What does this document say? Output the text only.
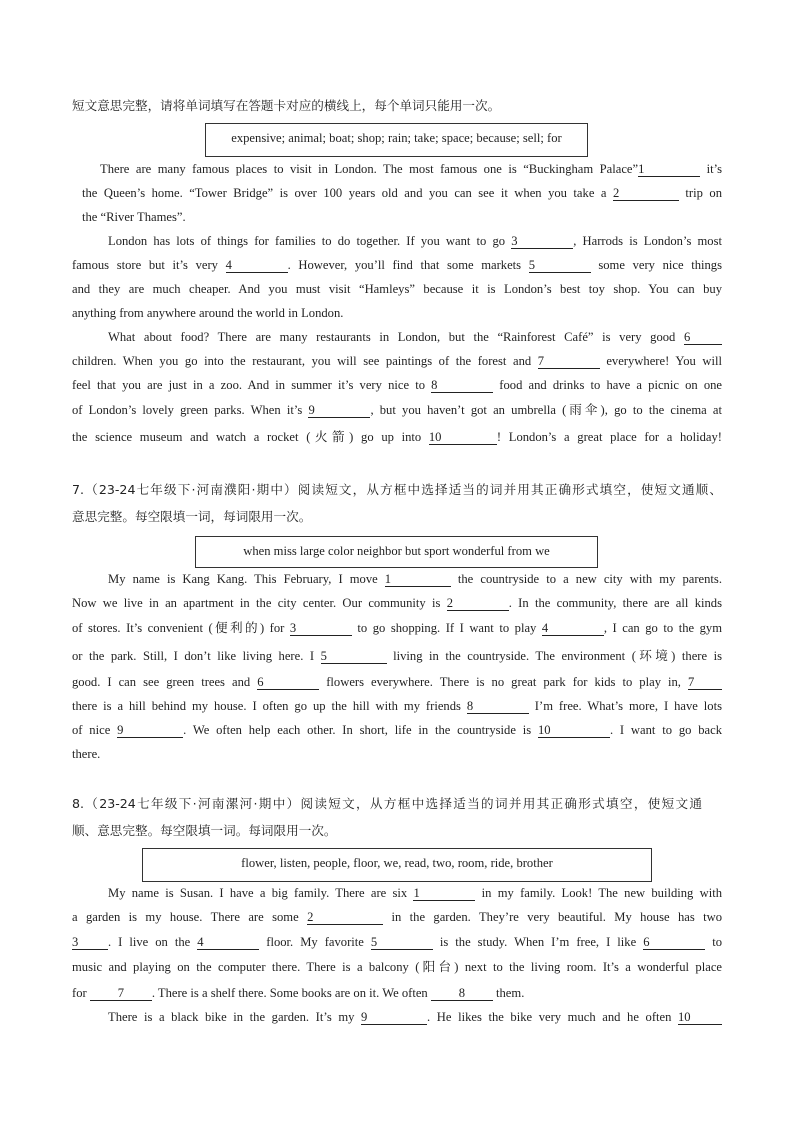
短文意思完整，请将单词填写在答题卡对应的横线上，每个单词只能用一次。
There are many famous places to visit in London. The most famous one is “Buckingham Palace”1	it’s
the Queen’s home. “Tower Bridge” is over 100 years old and you can see it when you take a 2	trip on
the “River Thames”.
London has lots of things for families to do together. If you want to go 3	, Harrods is London’s most
famous store but it’s very 4	. However, you’ll find that some markets 5	some very nice things
and they are much cheaper. And you must visit “Hamleys” because it is London’s best toy shop. You can buy
anything from anywhere around the world in London.
What about food? There are many restaurants in London, but the “Rainforest Café” is very good 6
children. When you go into the restaurant, you will see paintings of the forest and 7	everywhere! You will
feel that you are just in a zoo. And in summer it’s very nice to 8	food and drinks to have a picnic on one
of London’s lovely green parks. When it’s 9	, but you haven’t got an umbrella (雨伞), go to the cinema at
the science museum and watch a rocket (火箭) go up into 10	! London’s a great place for a holiday!
7.（23-24七年级下·河南濮阳·期中）阅读短文，从方框中选择适当的词并用其正确形式填空，使短文通顺、
意思完整。每空限填一词，每词限用一次。
My name is Kang Kang. This February, I move 1	the countryside to a new city with my parents.
Now we live in an apartment in the city center. Our community is 2	. In the community, there are all kinds
of stores. It’s convenient (便利的) for 3	to go shopping. If I want to play 4	, I can go to the gym
or the park. Still, I don’t like living here. I 5	living in the countryside. The environment (环境) there is
good. I can see green trees and 6	flowers everywhere. There is no great park for kids to play in, 7
there is a hill behind my house. I often go up the hill with my friends 8	I’m free. What’s more, I have lots
of nice 9	. We often help each other. In short, life in the countryside is 10	. I want to go back
there.
8.（23-24七年级下·河南漯河·期中）阅读短文，从方框中选择适当的词并用其正确形式填空，使短文通
顺、意思完整。每空限填一词。每词限用一次。
My name is Susan. I have a big family. There are six 1	in my family. Look! The new building with
a garden is my house. There are some 2	in the garden. They’re very beautiful. My house has two
3 . I live on the 4	floor. My favorite 5	is the study. When I’m free, I like 6	to
music and playing on the computer there. There is a balcony (阳台) next to the living room. It’s a wonderful place
for 7 . There is a shelf there. Some books are on it. We often 8 them.
There is a black bike in the garden. It’s my 9	. He likes the bike very much and he often 10
expensive; animal; boat; shop; rain; take; space; because; sell; for
when miss large color neighbor but sport wonderful from we
flower, listen, people, floor, we, read, two, room, ride, brother
